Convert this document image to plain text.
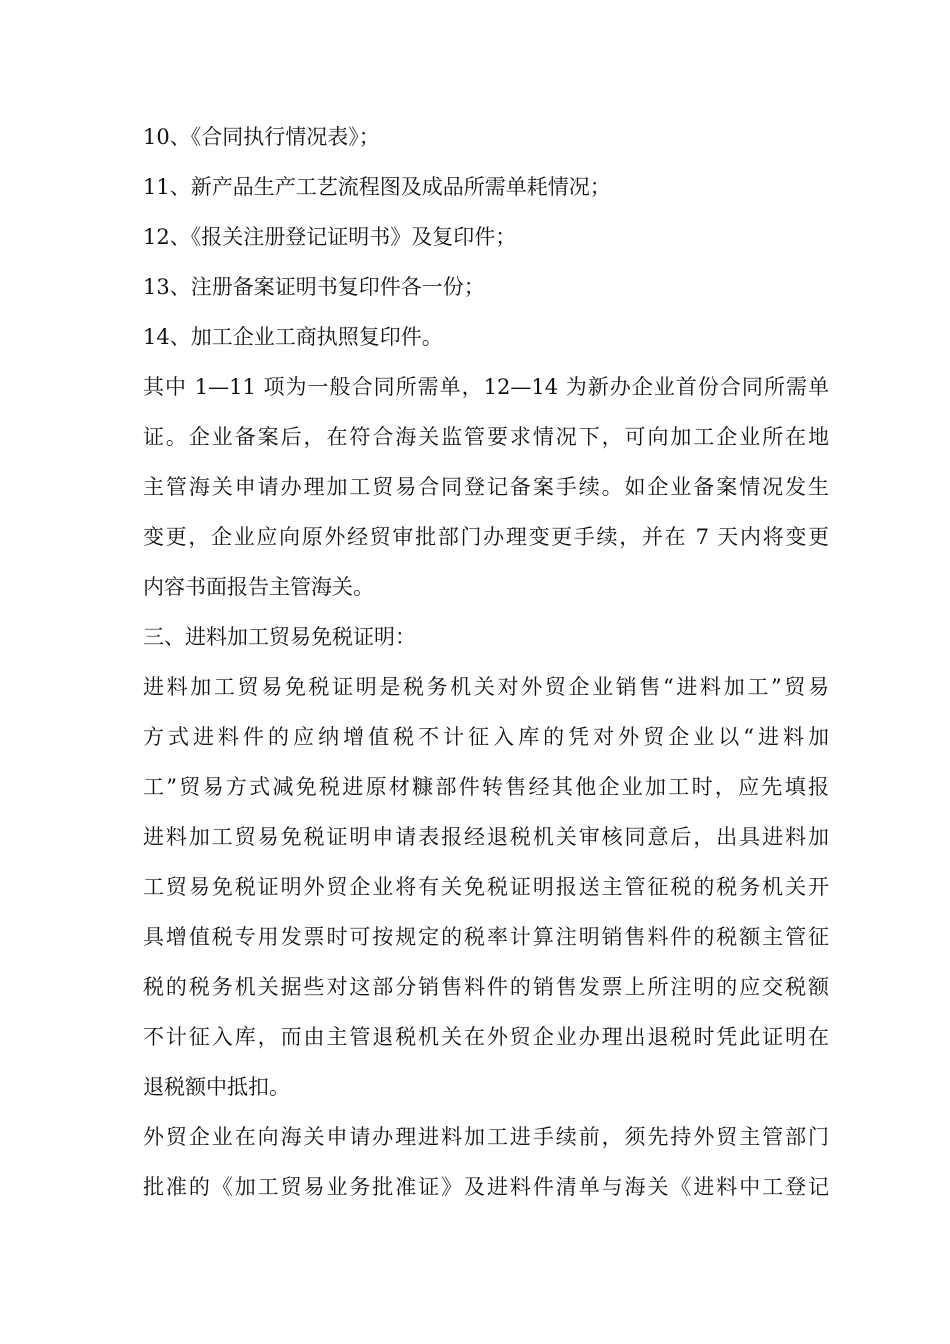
10、《合同执行情况表》；
11、新产品生产工艺流程图及成品所需单耗情况；
12、《报关注册登记证明书》及复印件；
13、注册备案证明书复印件各一份；
14、加工企业工商执照复印件。
其中 1—11 项为一般合同所需单，12—14 为新办企业首份合同所需单
证。企业备案后，在符合海关监管要求情况下，可向加工企业所在地
主管海关申请办理加工贸易合同登记备案手续。如企业备案情况发生
变更，企业应向原外经贸审批部门办理变更手续，并在 7 天内将变更
内容书面报告主管海关。
三、进料加工贸易免税证明：
进料加工贸易免税证明是税务机关对外贸企业销售“进料加工”贸易
方式进料件的应纳增值税不计征入库的凭对外贸企业以“进料加
工”贸易方式减免税进原材糠部件转售经其他企业加工时，应先填报
进料加工贸易免税证明申请表报经退税机关审核同意后，出具进料加
工贸易免税证明外贸企业将有关免税证明报送主管征税的税务机关开
具增值税专用发票时可按规定的税率计算注明销售料件的税额主管征
税的税务机关据些对这部分销售料件的销售发票上所注明的应交税额
不计征入库，而由主管退税机关在外贸企业办理出退税时凭此证明在
退税额中抵扣。
外贸企业在向海关申请办理进料加工进手续前，须先持外贸主管部门
批准的《加工贸易业务批准证》及进料件清单与海关《进料中工登记
